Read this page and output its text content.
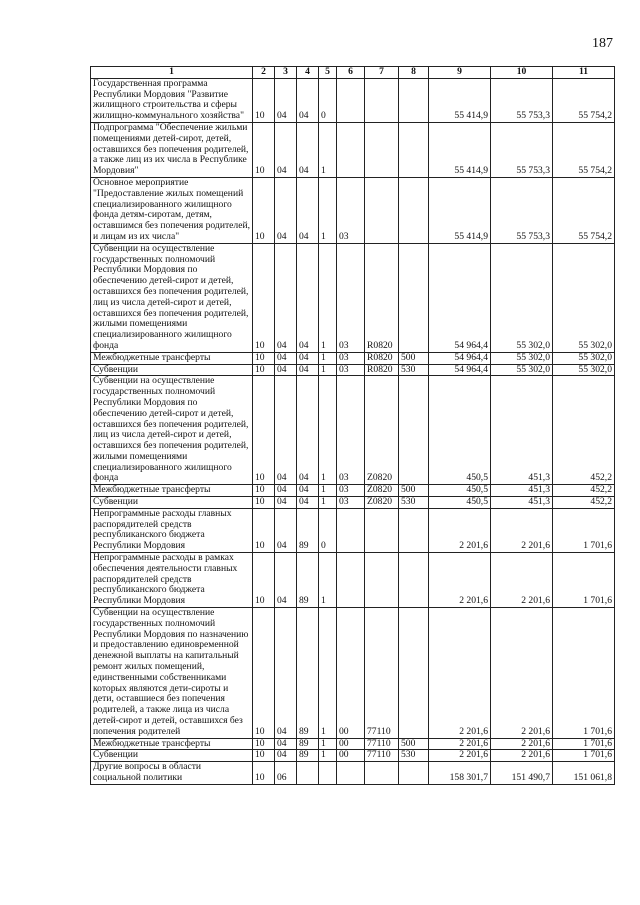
187
1	2	3	4	5	6	7	8	9	10	11
Государственная программа Республики Мордовия "Развитие жилищного строительства и сферы жилищно-коммунального хозяйства"	10	04	04	0				55 414,9	55 753,3	55 754,2
Подпрограмма "Обеспечение жильми помещениями детей-сирот, детей, оставшихся без попечения родителей, а также лиц из их числа в Республике Мордовия"	10	04	04	1				55 414,9	55 753,3	55 754,2
Основное мероприятие "Предоставление жилых помещений специализированного жилищного фонда детям-сиротам, детям, оставшимся без попечения родителей, и лицам из их числа"	10	04	04	1	03			55 414,9	55 753,3	55 754,2
Субвенции на осуществление государственных полномочий Республики Мордовия по обеспечению детей-сирот и детей, оставшихся без попечения родителей, лиц из числа детей-сирот и детей, оставшихся без попечения родителей, жилыми помещениями специализированного жилищного фонда	10	04	04	1	03	R0820		54 964,4	55 302,0	55 302,0
Межбюджетные трансферты	10	04	04	1	03	R0820	500	54 964,4	55 302,0	55 302,0
Субвенции	10	04	04	1	03	R0820	530	54 964,4	55 302,0	55 302,0
Субвенции на осуществление государственных полномочий Республики Мордовия по обеспечению детей-сирот и детей, оставшихся без попечения родителей, лиц из числа детей-сирот и детей, оставшихся без попечения родителей, жилыми помещениями специализированного жилищного фонда	10	04	04	1	03	Z0820		450,5	451,3	452,2
Межбюджетные трансферты	10	04	04	1	03	Z0820	500	450,5	451,3	452,2
Субвенции	10	04	04	1	03	Z0820	530	450,5	451,3	452,2
Непрограммные расходы главных распорядителей средств республиканского бюджета Республики Мордовия	10	04	89	0				2 201,6	2 201,6	1 701,6
Непрограммные расходы в рамках обеспечения деятельности главных распорядителей средств республиканского бюджета Республики Мордовия	10	04	89	1				2 201,6	2 201,6	1 701,6
Субвенции на осуществление государственных полномочий Республики Мордовия по назначению и предоставлению единовременной денежной выплаты на капитальный ремонт жилых помещений, единственными собственниками которых являются дети-сироты и дети, оставшиеся без попечения родителей, а также лица из числа детей-сирот и детей, оставшихся без попечения родителей	10	04	89	1	00	77110		2 201,6	2 201,6	1 701,6
Межбюджетные трансферты	10	04	89	1	00	77110	500	2 201,6	2 201,6	1 701,6
Субвенции	10	04	89	1	00	77110	530	2 201,6	2 201,6	1 701,6
Другие вопросы в области социальной политики	10	06						158 301,7	151 490,7	151 061,8
